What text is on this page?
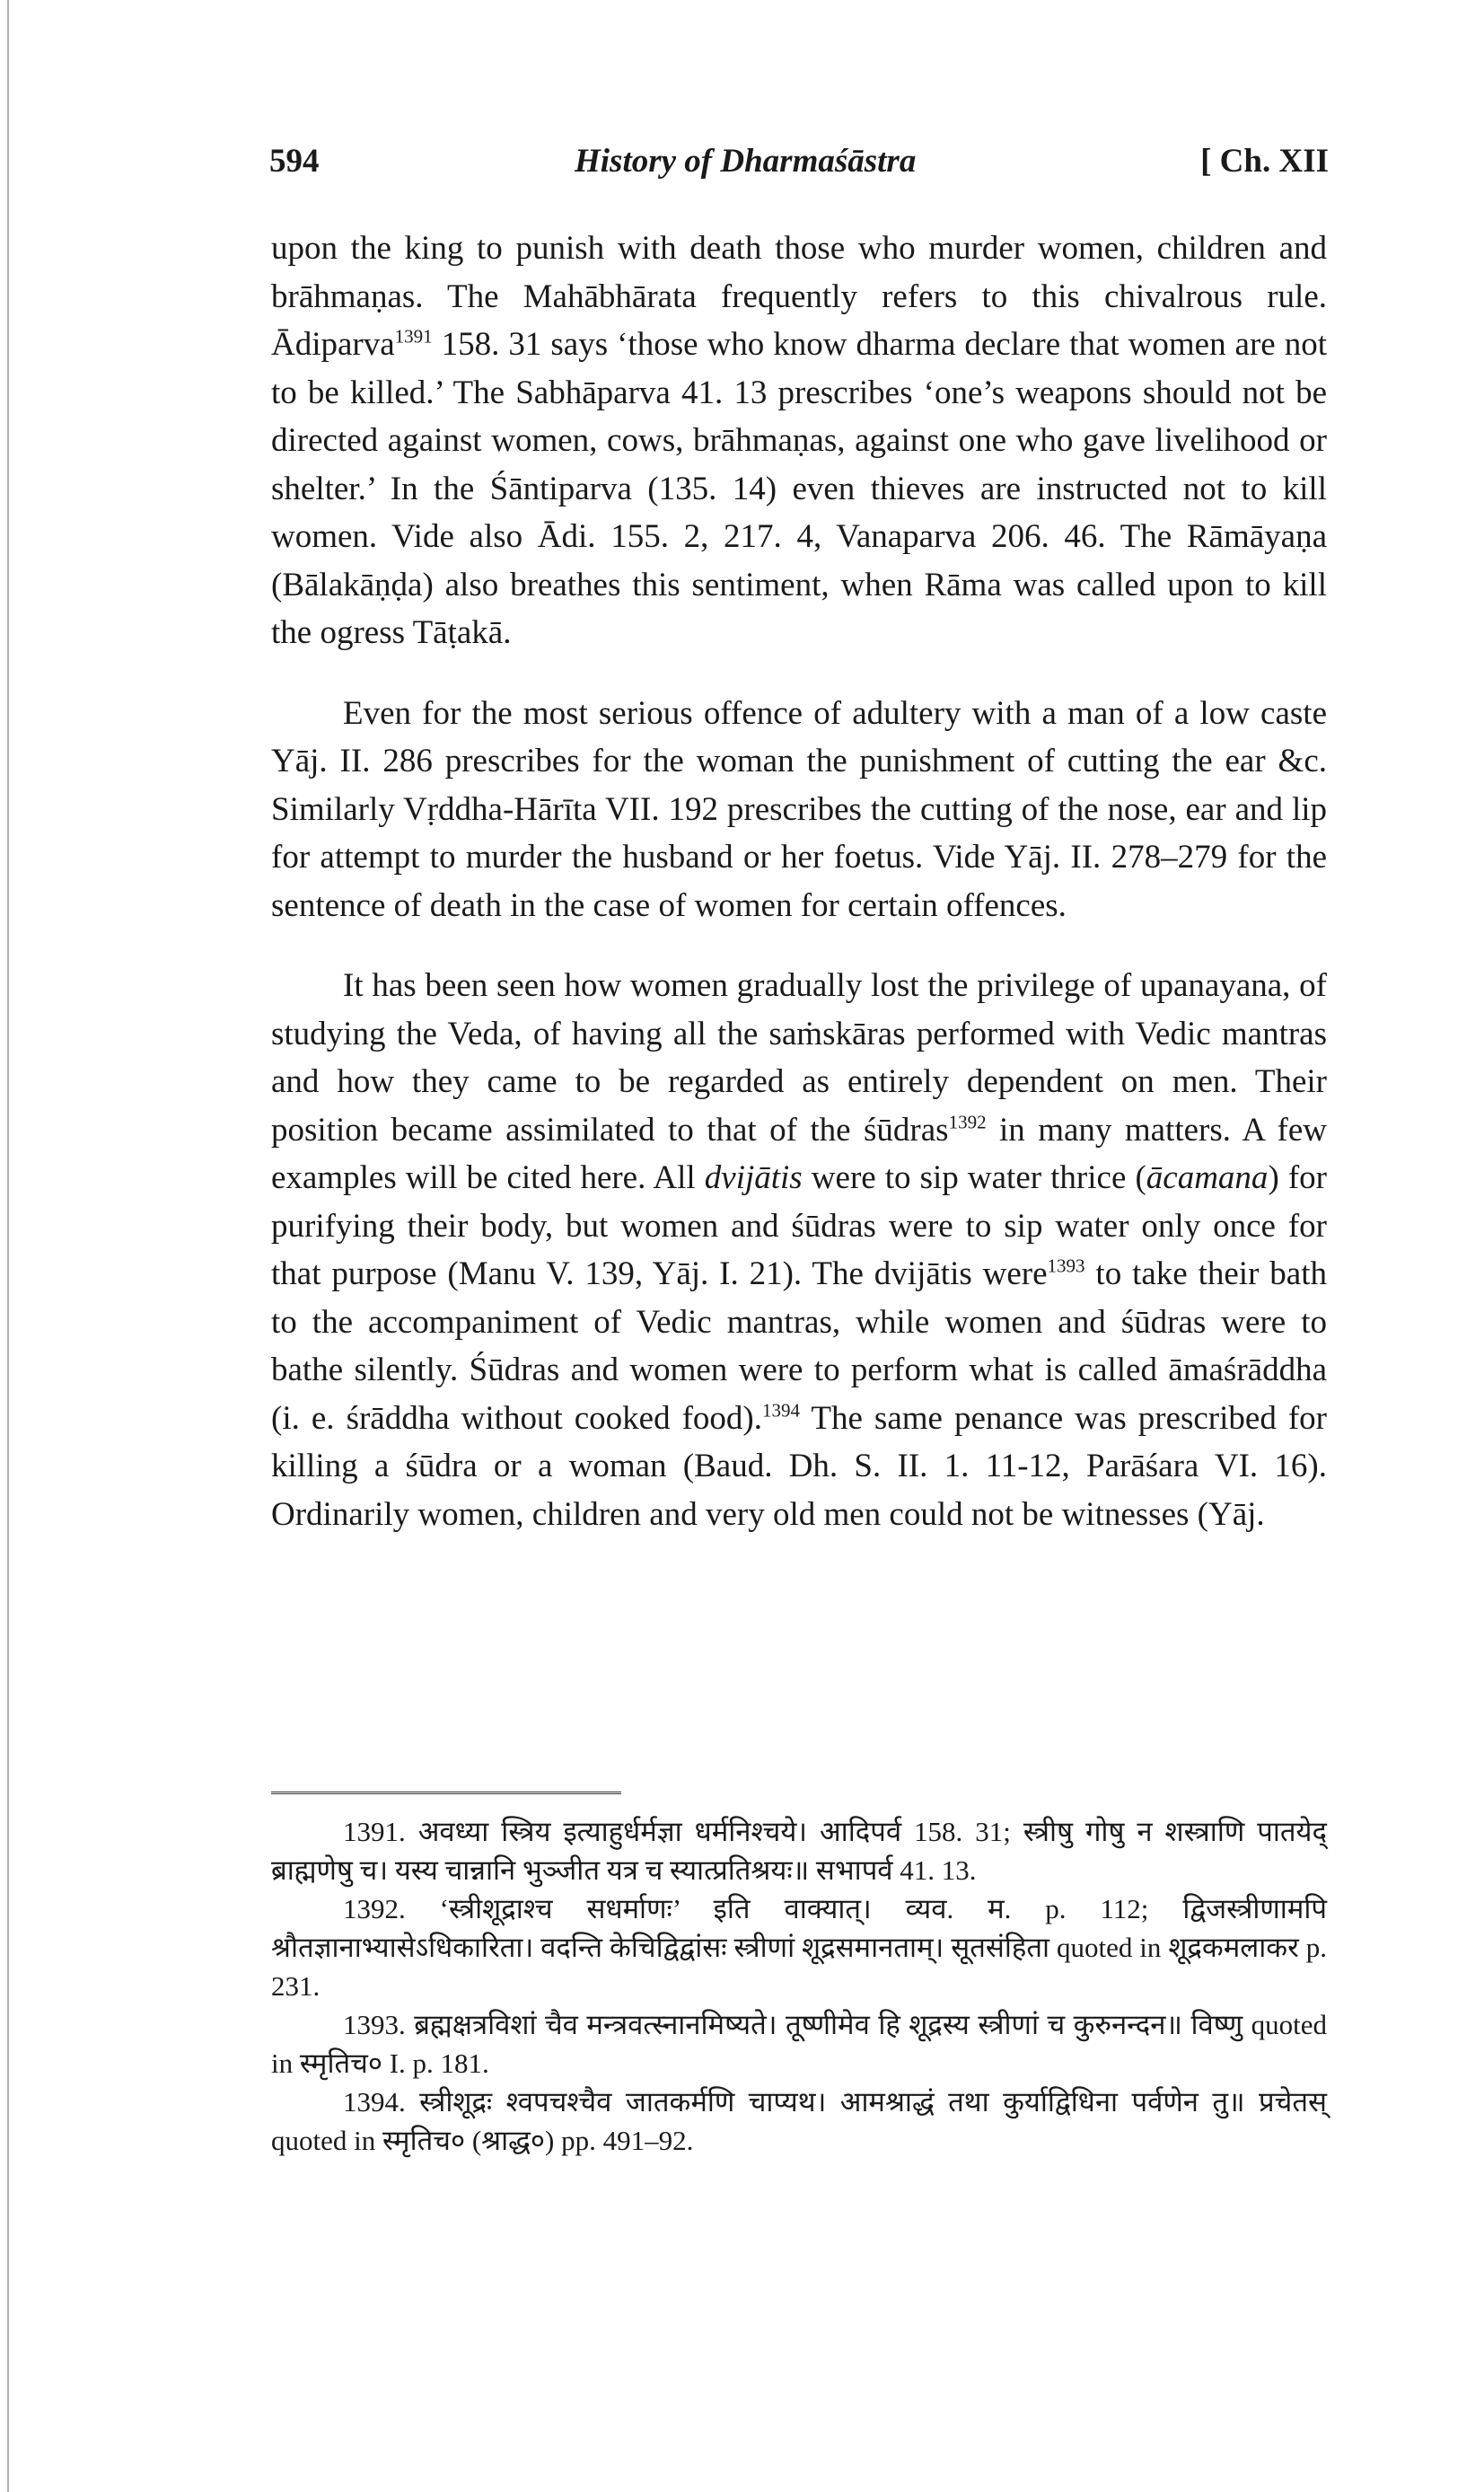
594	History of Dharmaśāstra	[ Ch. XII

upon the king to punish with death those who murder women, children and brāhmaṇas. The Mahābhārata frequently refers to this chivalrous rule. Ādiparva$^{1391}$ 158. 31 says ‘those who know dharma declare that women are not to be killed.’ The Sabhāparva 41. 13 prescribes ‘one’s weapons should not be directed against women, cows, brāhmaṇas, against one who gave livelihood or shelter.’ In the Śāntiparva (135. 14) even thieves are instructed not to kill women. Vide also Ādi. 155. 2, 217. 4, Vanaparva 206. 46. The Rāmāyaṇa (Bālakāṇḍa) also breathes this sentiment, when Rāma was called upon to kill the ogress Tāṭakā.

Even for the most serious offence of adultery with a man of a low caste Yāj. II. 286 prescribes for the woman the punishment of cutting the ear &c. Similarly Vṛddha-Hārīta VII. 192 prescribes the cutting of the nose, ear and lip for attempt to murder the husband or her foetus. Vide Yāj. II. 278–279 for the sentence of death in the case of women for certain offences.

It has been seen how women gradually lost the privilege of upanayana, of studying the Veda, of having all the saṁskāras performed with Vedic mantras and how they came to be regarded as entirely dependent on men. Their position became assimilated to that of the śūdras$^{1392}$ in many matters. A few examples will be cited here. All dvijātis were to sip water thrice (ācamana) for purifying their body, but women and śūdras were to sip water only once for that purpose (Manu V. 139, Yāj. I. 21). The dvijātis were$^{1393}$ to take their bath to the accompaniment of Vedic mantras, while women and śūdras were to bathe silently. Śūdras and women were to perform what is called āmaśrāddha (i. e. śrāddha without cooked food).$^{1394}$ The same penance was prescribed for killing a śūdra or a woman (Baud. Dh. S. II. 1. 11-12, Parāśara VI. 16). Ordinarily women, children and very old men could not be witnesses (Yāj.

1391. अवध्या स्त्रिय इत्याहुर्धर्मज्ञा धर्मनिश्चये। आदिपर्व 158. 31; स्त्रीषु गोषु न शस्त्राणि पातयेद् ब्राह्मणेषु च। यस्य चान्नानि भुञ्जीत यत्र च स्यात्प्रतिश्रयः॥ सभापर्व 41. 13.

1392. ‘स्त्रीशूद्राश्च सधर्माणः’ इति वाक्यात्। व्यव. म. p. 112; द्विजस्त्रीणामपि श्रौतज्ञानाभ्यासेऽधिकारिता। वदन्ति केचिद्विद्वांसः स्त्रीणां शूद्रसमानताम्। सूतसंहिता quoted in शूद्रकमलाकर p. 231.

1393. ब्रह्मक्षत्रविशां चैव मन्त्रवत्स्नानमिष्यते। तूष्णीमेव हि शूद्रस्य स्त्रीणां च कुरुनन्दन॥ विष्णु quoted in स्मृतिच० I. p. 181.

1394. स्त्रीशूद्रः श्वपचश्चैव जातकर्मणि चाप्यथ। आमश्राद्धं तथा कुर्याद्विधिना पर्वणेन तु॥ प्रचेतस् quoted in स्मृतिच० (श्राद्ध०) pp. 491–92.
